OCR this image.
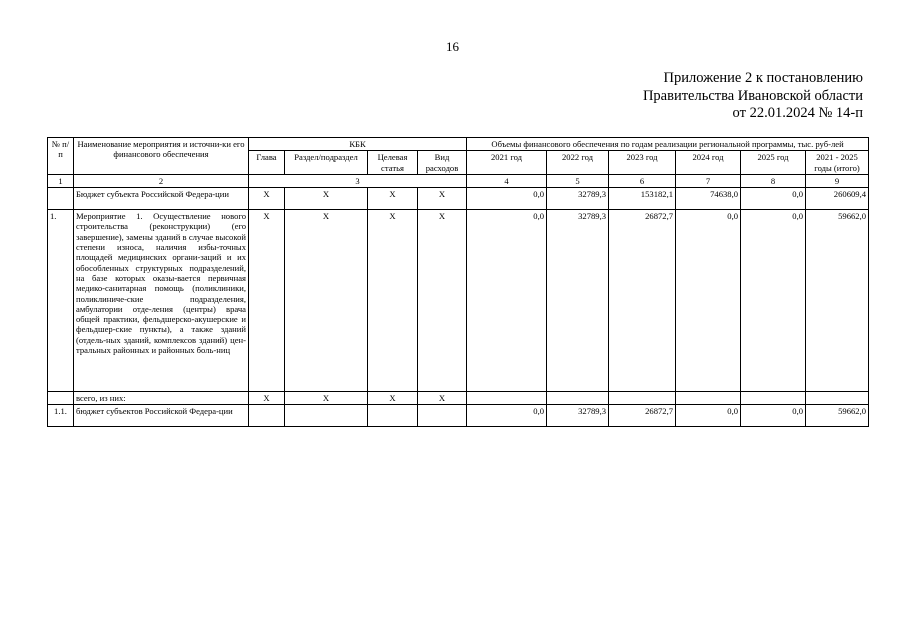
16
Приложение 2 к постановлению
Правительства Ивановской области
от 22.01.2024 № 14-п
№ п/п	Наименование мероприятия и источни-ки его финансового обеспечения	КБК				Объемы финансового обеспечения по годам реализации региональной программы, тыс. руб-лей					
		Глава	Раздел/подраздел	Целевая статья	Вид расходов	2021 год	2022 год	2023 год	2024 год	2025 год	2021 - 2025 годы (итого)
1	2	3				4	5	6	7	8	9
	Бюджет субъекта Российской Федера-ции	X	X	X	X	0,0	32789,3	153182,1	74638,0	0,0	260609,4
1.	Мероприятие 1. Осуществление нового строительства (реконструкции) (его завершение), замены зданий в случае высокой степени износа, наличия избы-точных площадей медицинских органи-заций и их обособленных структурных подразделений, на базе которых оказы-вается первичная медико-санитарная помощь (поликлиники, поликлиниче-ские подразделения, амбулатории отде-ления (центры) врача общей практики, фельдшерско-акушерские и фельдшер-ские пункты), а также зданий (отдель-ных зданий, комплексов зданий) цен-тральных районных и районных боль-ниц	X	X	X	X	0,0	32789,3	26872,7	0,0	0,0	59662,0
	всего, из них:	X	X	X	X						
1.1.	бюджет субъектов Российской Федера-ции					0,0	32789,3	26872,7	0,0	0,0	59662,0
